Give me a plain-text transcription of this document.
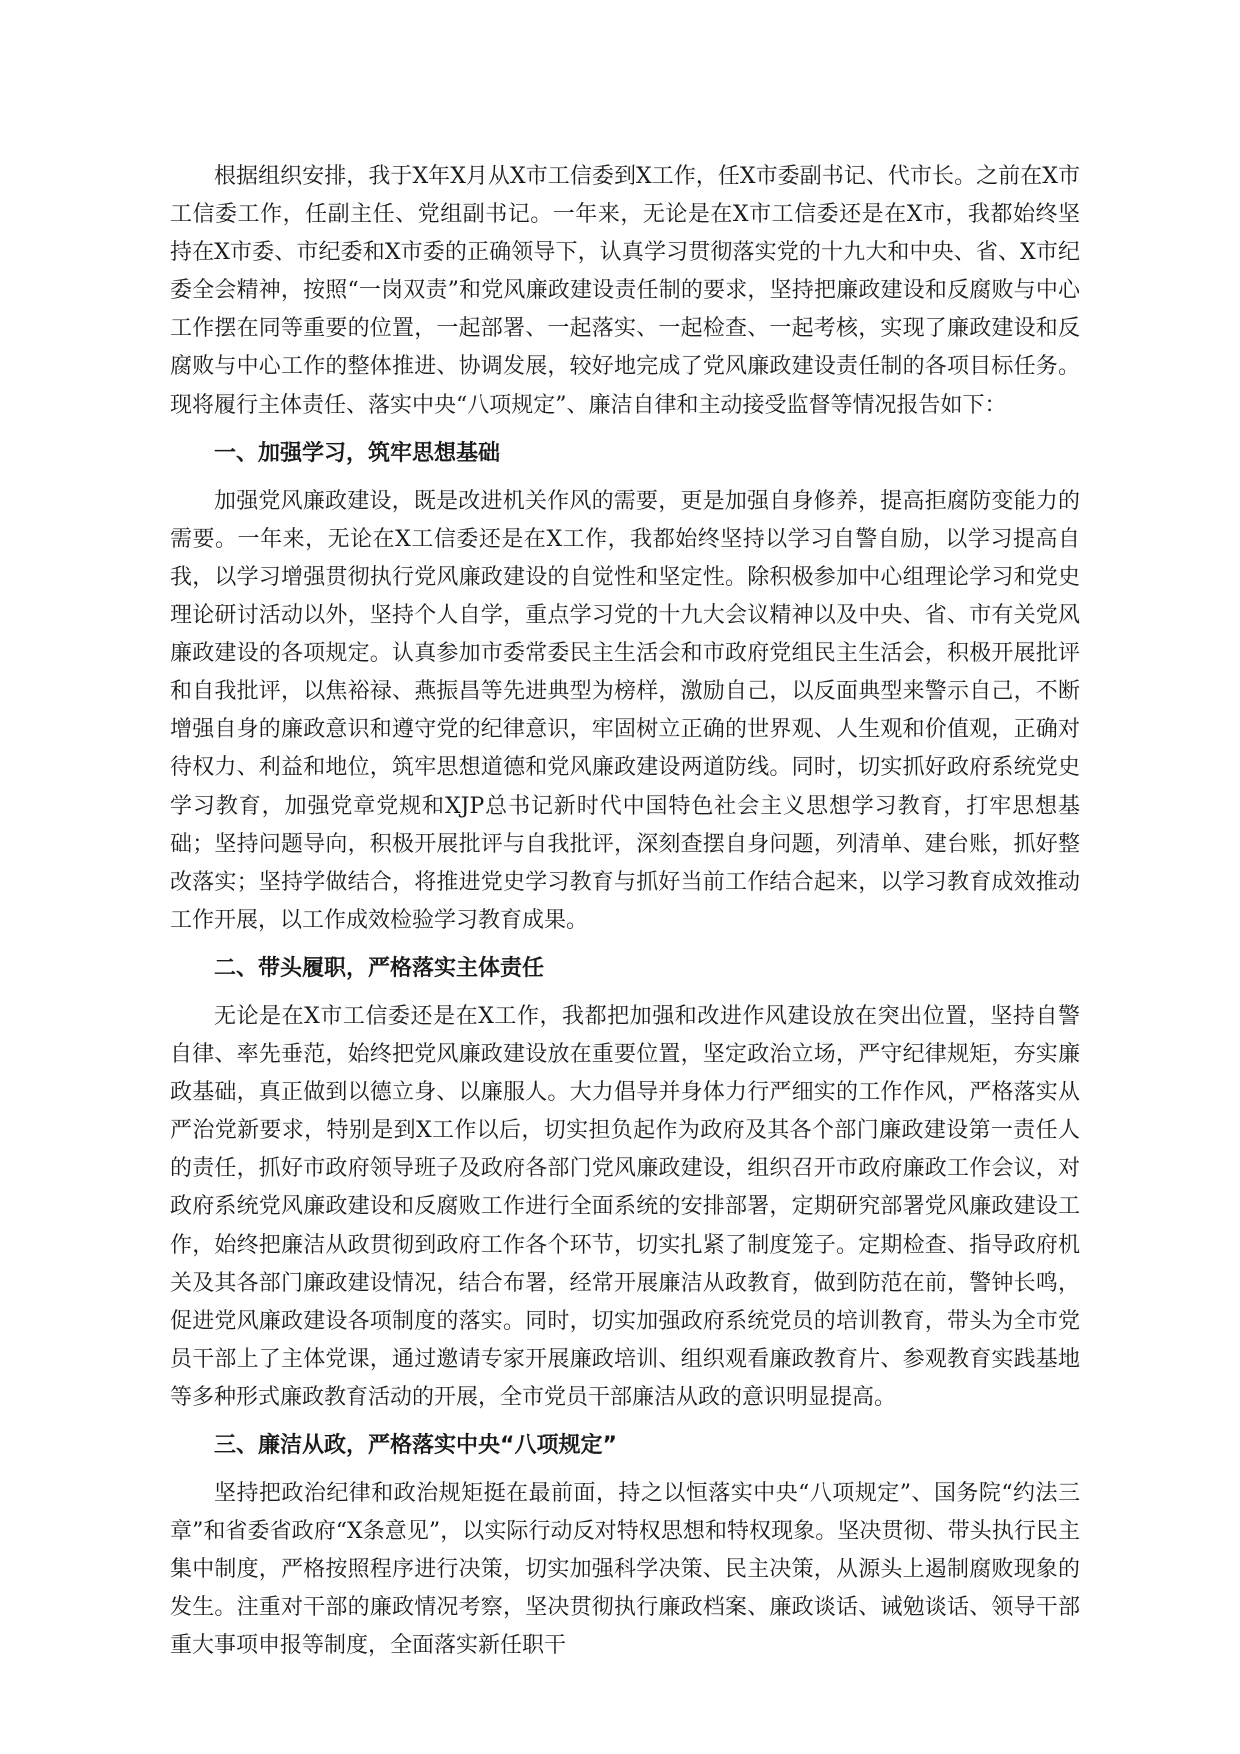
根据组织安排，我于X年X月从X市工信委到X工作，任X市委副书记、代市长。之前在X市工信委工作，任副主任、党组副书记。一年来，无论是在X市工信委还是在X市，我都始终坚持在X市委、市纪委和X市委的正确领导下，认真学习贯彻落实党的十九大和中央、省、X市纪委全会精神，按照“一岗双责”和党风廉政建设责任制的要求，坚持把廉政建设和反腐败与中心工作摆在同等重要的位置，一起部署、一起落实、一起检查、一起考核，实现了廉政建设和反腐败与中心工作的整体推进、协调发展，较好地完成了党风廉政建设责任制的各项目标任务。现将履行主体责任、落实中央“八项规定”、廉洁自律和主动接受监督等情况报告如下：

一、加强学习，筑牢思想基础

加强党风廉政建设，既是改进机关作风的需要，更是加强自身修养，提高拒腐防变能力的需要。一年来，无论在X工信委还是在X工作，我都始终坚持以学习自警自励，以学习提高自我，以学习增强贯彻执行党风廉政建设的自觉性和坚定性。除积极参加中心组理论学习和党史理论研讨活动以外，坚持个人自学，重点学习党的十九大会议精神以及中央、省、市有关党风廉政建设的各项规定。认真参加市委常委民主生活会和市政府党组民主生活会，积极开展批评和自我批评，以焦裕禄、燕振昌等先进典型为榜样，激励自己，以反面典型来警示自己，不断增强自身的廉政意识和遵守党的纪律意识，牢固树立正确的世界观、人生观和价值观，正确对待权力、利益和地位，筑牢思想道德和党风廉政建设两道防线。同时，切实抓好政府系统党史学习教育，加强党章党规和XJP总书记新时代中国特色社会主义思想学习教育，打牢思想基础；坚持问题导向，积极开展批评与自我批评，深刻查摆自身问题，列清单、建台账，抓好整改落实；坚持学做结合，将推进党史学习教育与抓好当前工作结合起来，以学习教育成效推动工作开展，以工作成效检验学习教育成果。

二、带头履职，严格落实主体责任

无论是在X市工信委还是在X工作，我都把加强和改进作风建设放在突出位置，坚持自警自律、率先垂范，始终把党风廉政建设放在重要位置，坚定政治立场，严守纪律规矩，夯实廉政基础，真正做到以德立身、以廉服人。大力倡导并身体力行严细实的工作作风，严格落实从严治党新要求，特别是到X工作以后，切实担负起作为政府及其各个部门廉政建设第一责任人的责任，抓好市政府领导班子及政府各部门党风廉政建设，组织召开市政府廉政工作会议，对政府系统党风廉政建设和反腐败工作进行全面系统的安排部署，定期研究部署党风廉政建设工作，始终把廉洁从政贯彻到政府工作各个环节，切实扎紧了制度笼子。定期检查、指导政府机关及其各部门廉政建设情况，结合布署，经常开展廉洁从政教育，做到防范在前，警钟长鸣，促进党风廉政建设各项制度的落实。同时，切实加强政府系统党员的培训教育，带头为全市党员干部上了主体党课，通过邀请专家开展廉政培训、组织观看廉政教育片、参观教育实践基地等多种形式廉政教育活动的开展，全市党员干部廉洁从政的意识明显提高。

三、廉洁从政，严格落实中央“八项规定”

坚持把政治纪律和政治规矩挺在最前面，持之以恒落实中央“八项规定”、国务院“约法三章”和省委省政府“X条意见”，以实际行动反对特权思想和特权现象。坚决贯彻、带头执行民主集中制度，严格按照程序进行决策，切实加强科学决策、民主决策，从源头上遏制腐败现象的发生。注重对干部的廉政情况考察，坚决贯彻执行廉政档案、廉政谈话、诫勉谈话、领导干部重大事项申报等制度，全面落实新任职干
